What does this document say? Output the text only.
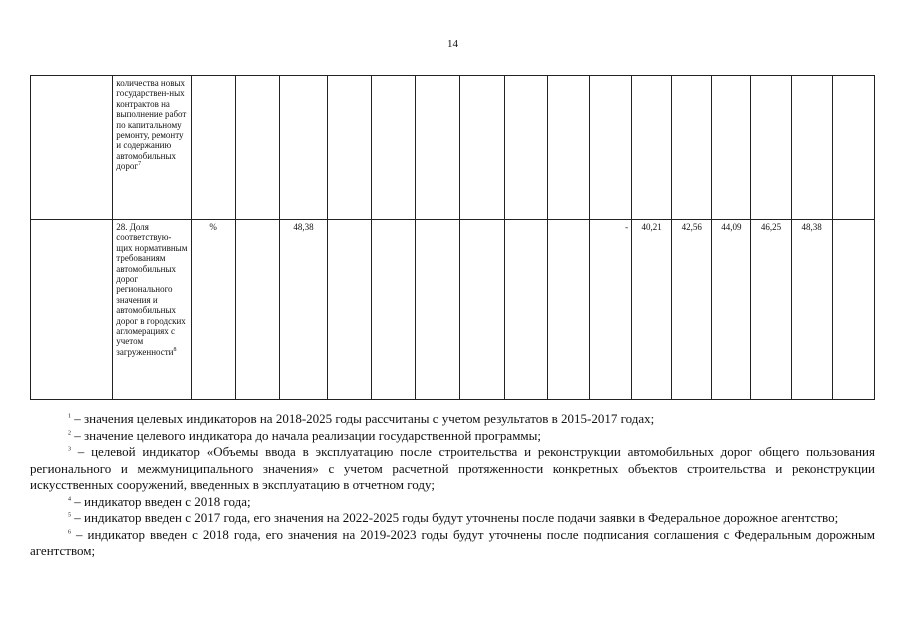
14
	количества новых государствен-ных контрактов на выполнение работ по капитальному ремонту, ремонту и содержанию автомобильных дорог$^7$																
	28. Доля соответствую-щих нормативным требованиям автомобильных дорог регионального значения и автомобильных дорог в городских агломерациях с учетом загруженности$^8$	%		48,38							-	40,21	42,56	44,09	46,25	48,38	

$^1$ – значения целевых индикаторов на 2018-2025 годы рассчитаны с учетом результатов в 2015-2017 годах;

$^2$ – значение целевого индикатора до начала реализации государственной программы;

$^3$ – целевой индикатор «Объемы ввода в эксплуатацию после строительства и реконструкции автомобильных дорог общего пользования регионального и межмуниципального значения» с учетом расчетной протяженности конкретных объектов строительства и реконструкции искусственных сооружений, введенных в эксплуатацию в отчетном году;

$^4$ – индикатор введен с 2018 года;

$^5$ – индикатор введен с 2017 года, его значения на 2022-2025 годы будут уточнены после подачи заявки в Федеральное дорожное агентство;

$^6$ – индикатор введен с 2018 года, его значения на 2019-2023 годы будут уточнены после подписания соглашения с Федеральным дорожным агентством;
